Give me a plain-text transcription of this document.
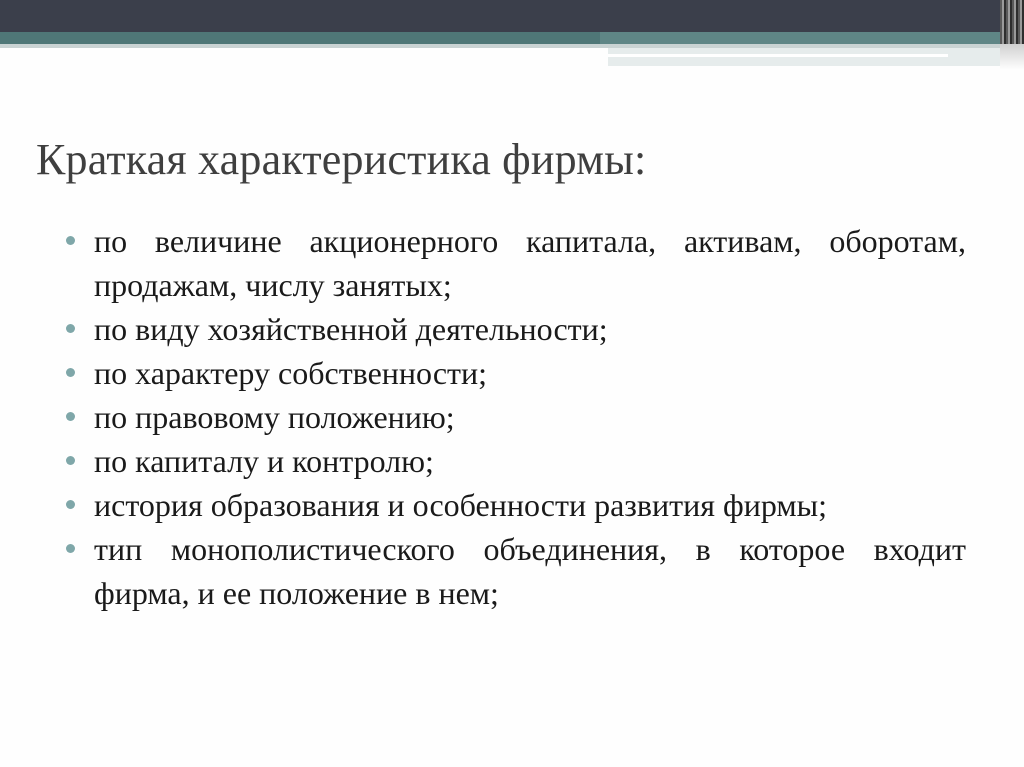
Краткая характеристика фирмы:
по величине акционерного капитала, активам, оборотам, продажам, числу занятых;
по виду хозяйственной деятельности;
по характеру собственности;
по правовому положению;
по капиталу и контролю;
история образования и особенности развития фирмы;
тип монополистического объединения, в которое входит фирма, и ее положение в нем;
